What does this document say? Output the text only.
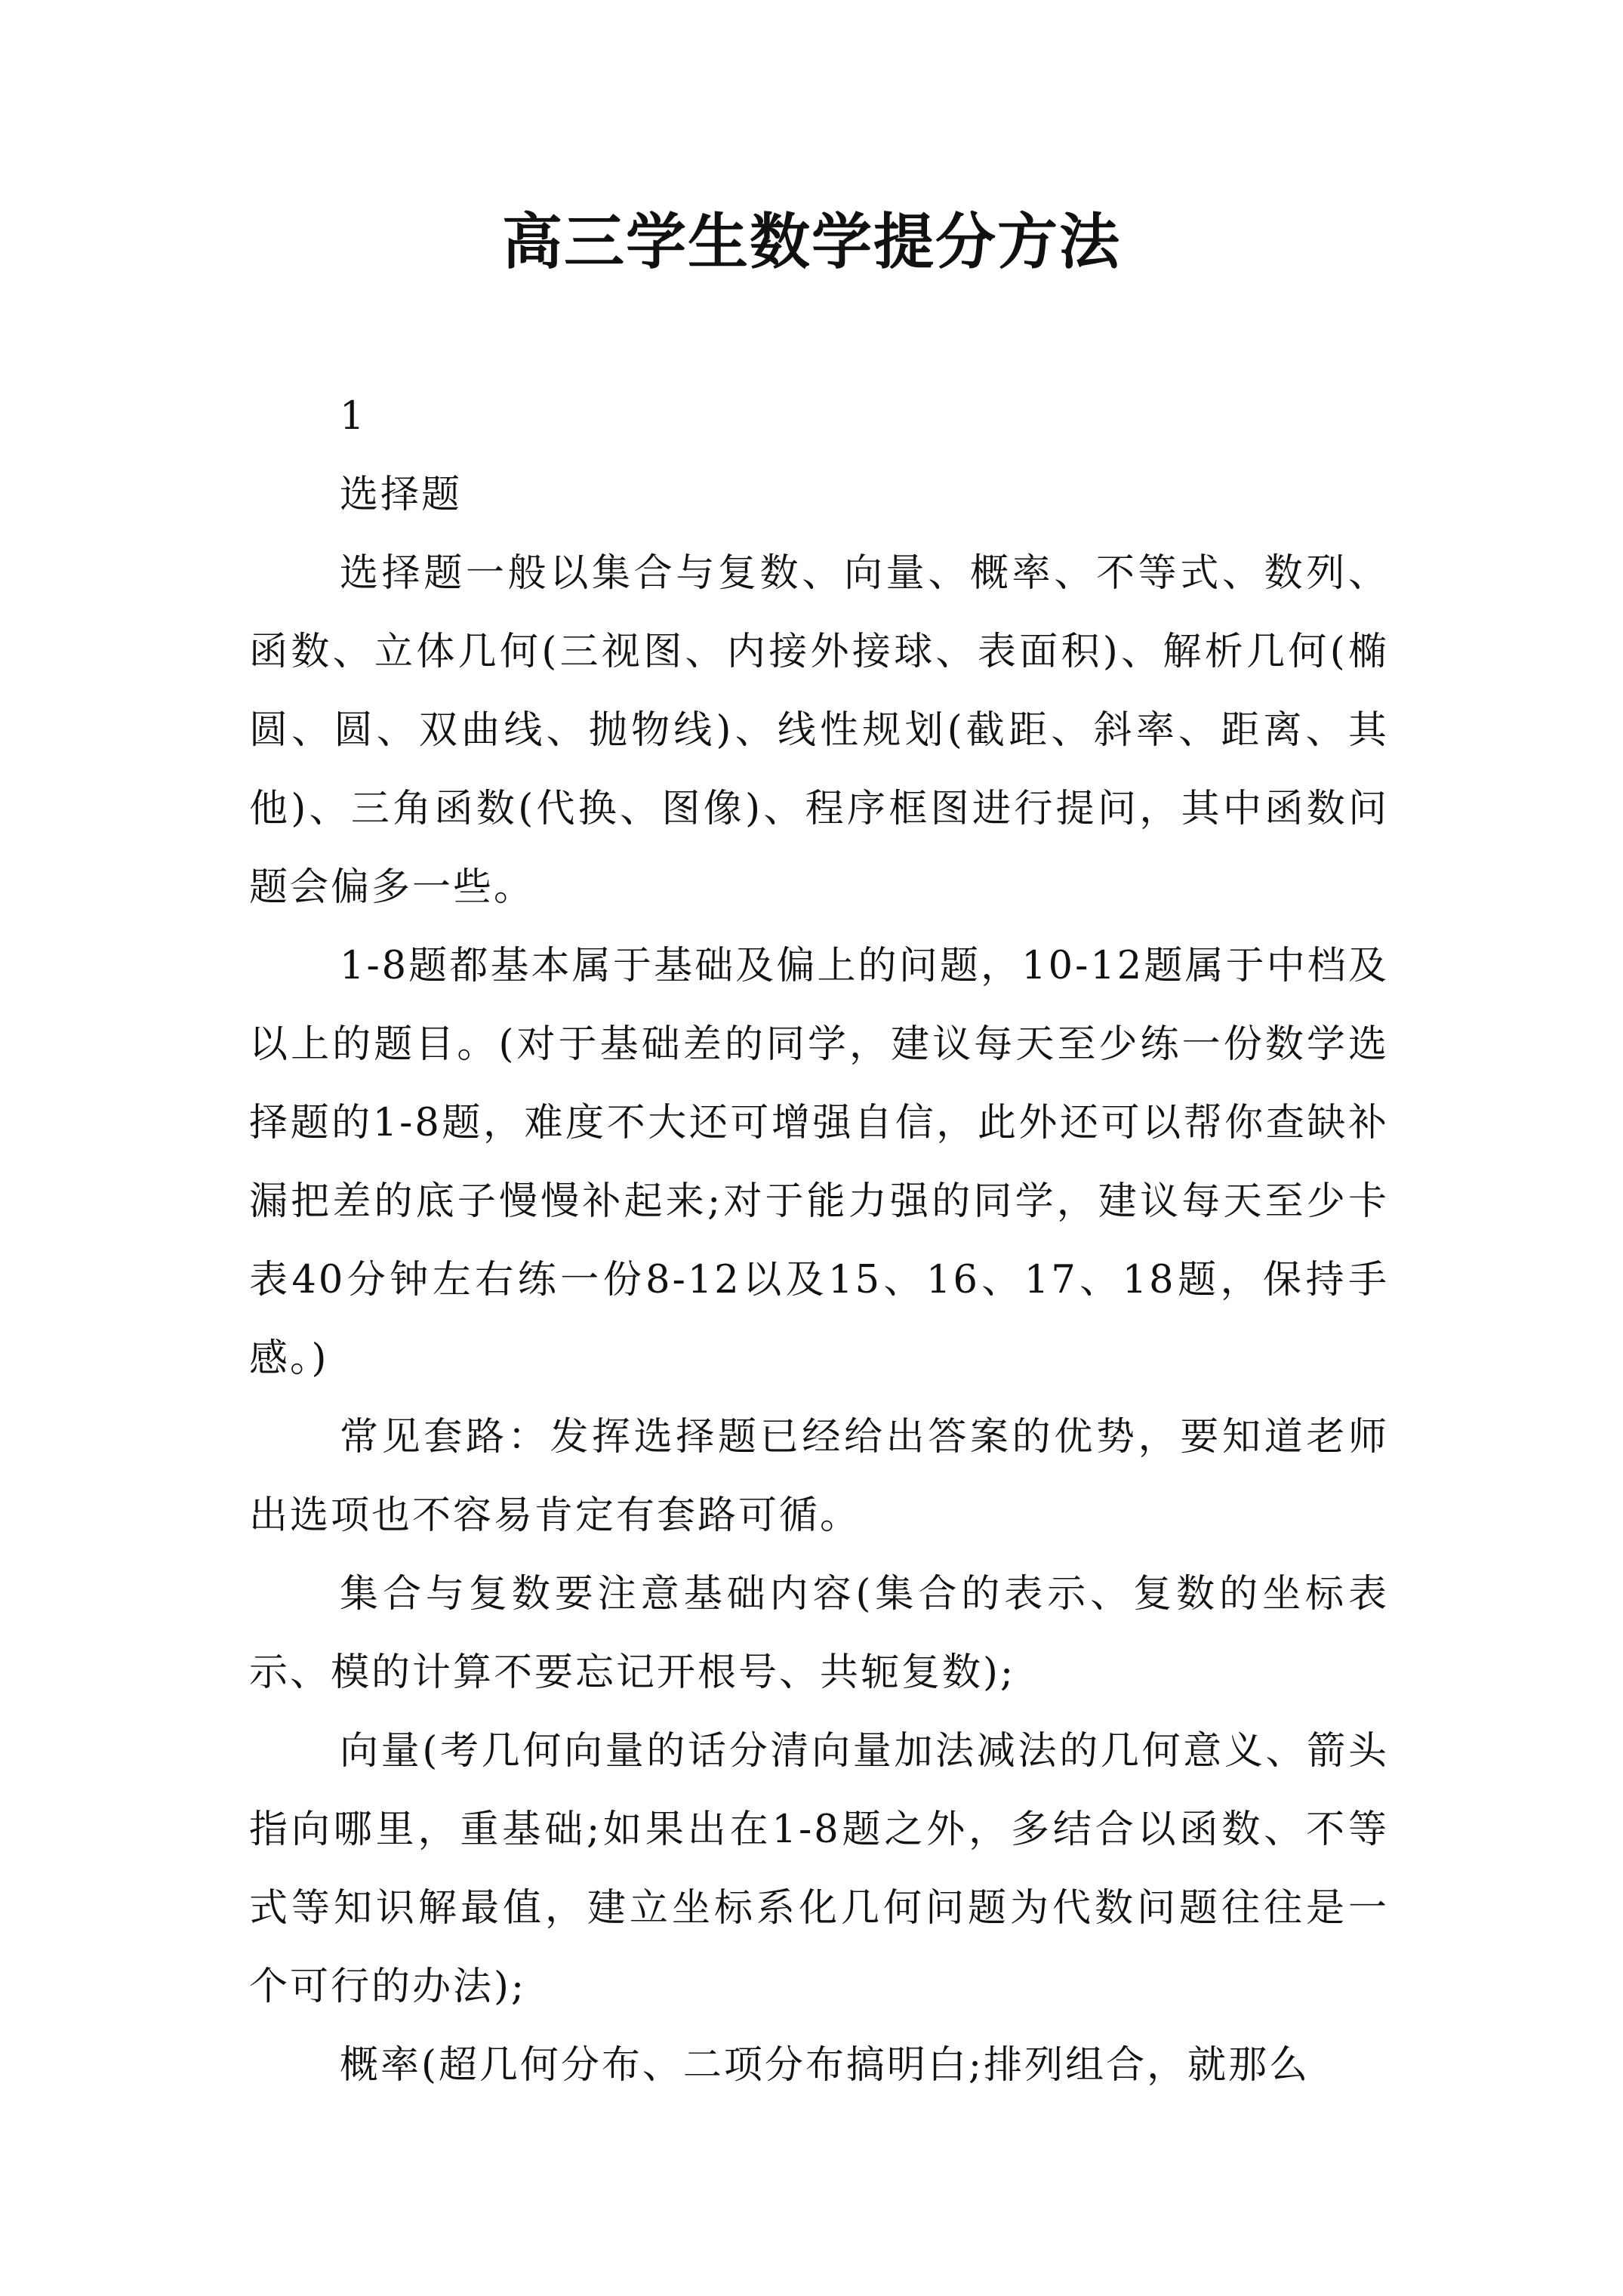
高三学生数学提分方法

1

选择题

选择题一般以集合与复数、向量、概率、不等式、数列、函数、立体几何(三视图、内接外接球、表面积)、解析几何(椭圆、圆、双曲线、抛物线)、线性规划(截距、斜率、距离、其他)、三角函数(代换、图像)、程序框图进行提问，其中函数问题会偏多一些。

1-8题都基本属于基础及偏上的问题，10-12题属于中档及以上的题目。(对于基础差的同学，建议每天至少练一份数学选择题的1-8题，难度不大还可增强自信，此外还可以帮你查缺补漏把差的底子慢慢补起来;对于能力强的同学，建议每天至少卡表40分钟左右练一份8-12以及15、16、17、18题，保持手感。)

常见套路：发挥选择题已经给出答案的优势，要知道老师出选项也不容易肯定有套路可循。

集合与复数要注意基础内容(集合的表示、复数的坐标表示、模的计算不要忘记开根号、共轭复数);

向量(考几何向量的话分清向量加法减法的几何意义、箭头指向哪里，重基础;如果出在1-8题之外，多结合以函数、不等式等知识解最值，建立坐标系化几何问题为代数问题往往是一个可行的办法);

概率(超几何分布、二项分布搞明白;排列组合，就那么
